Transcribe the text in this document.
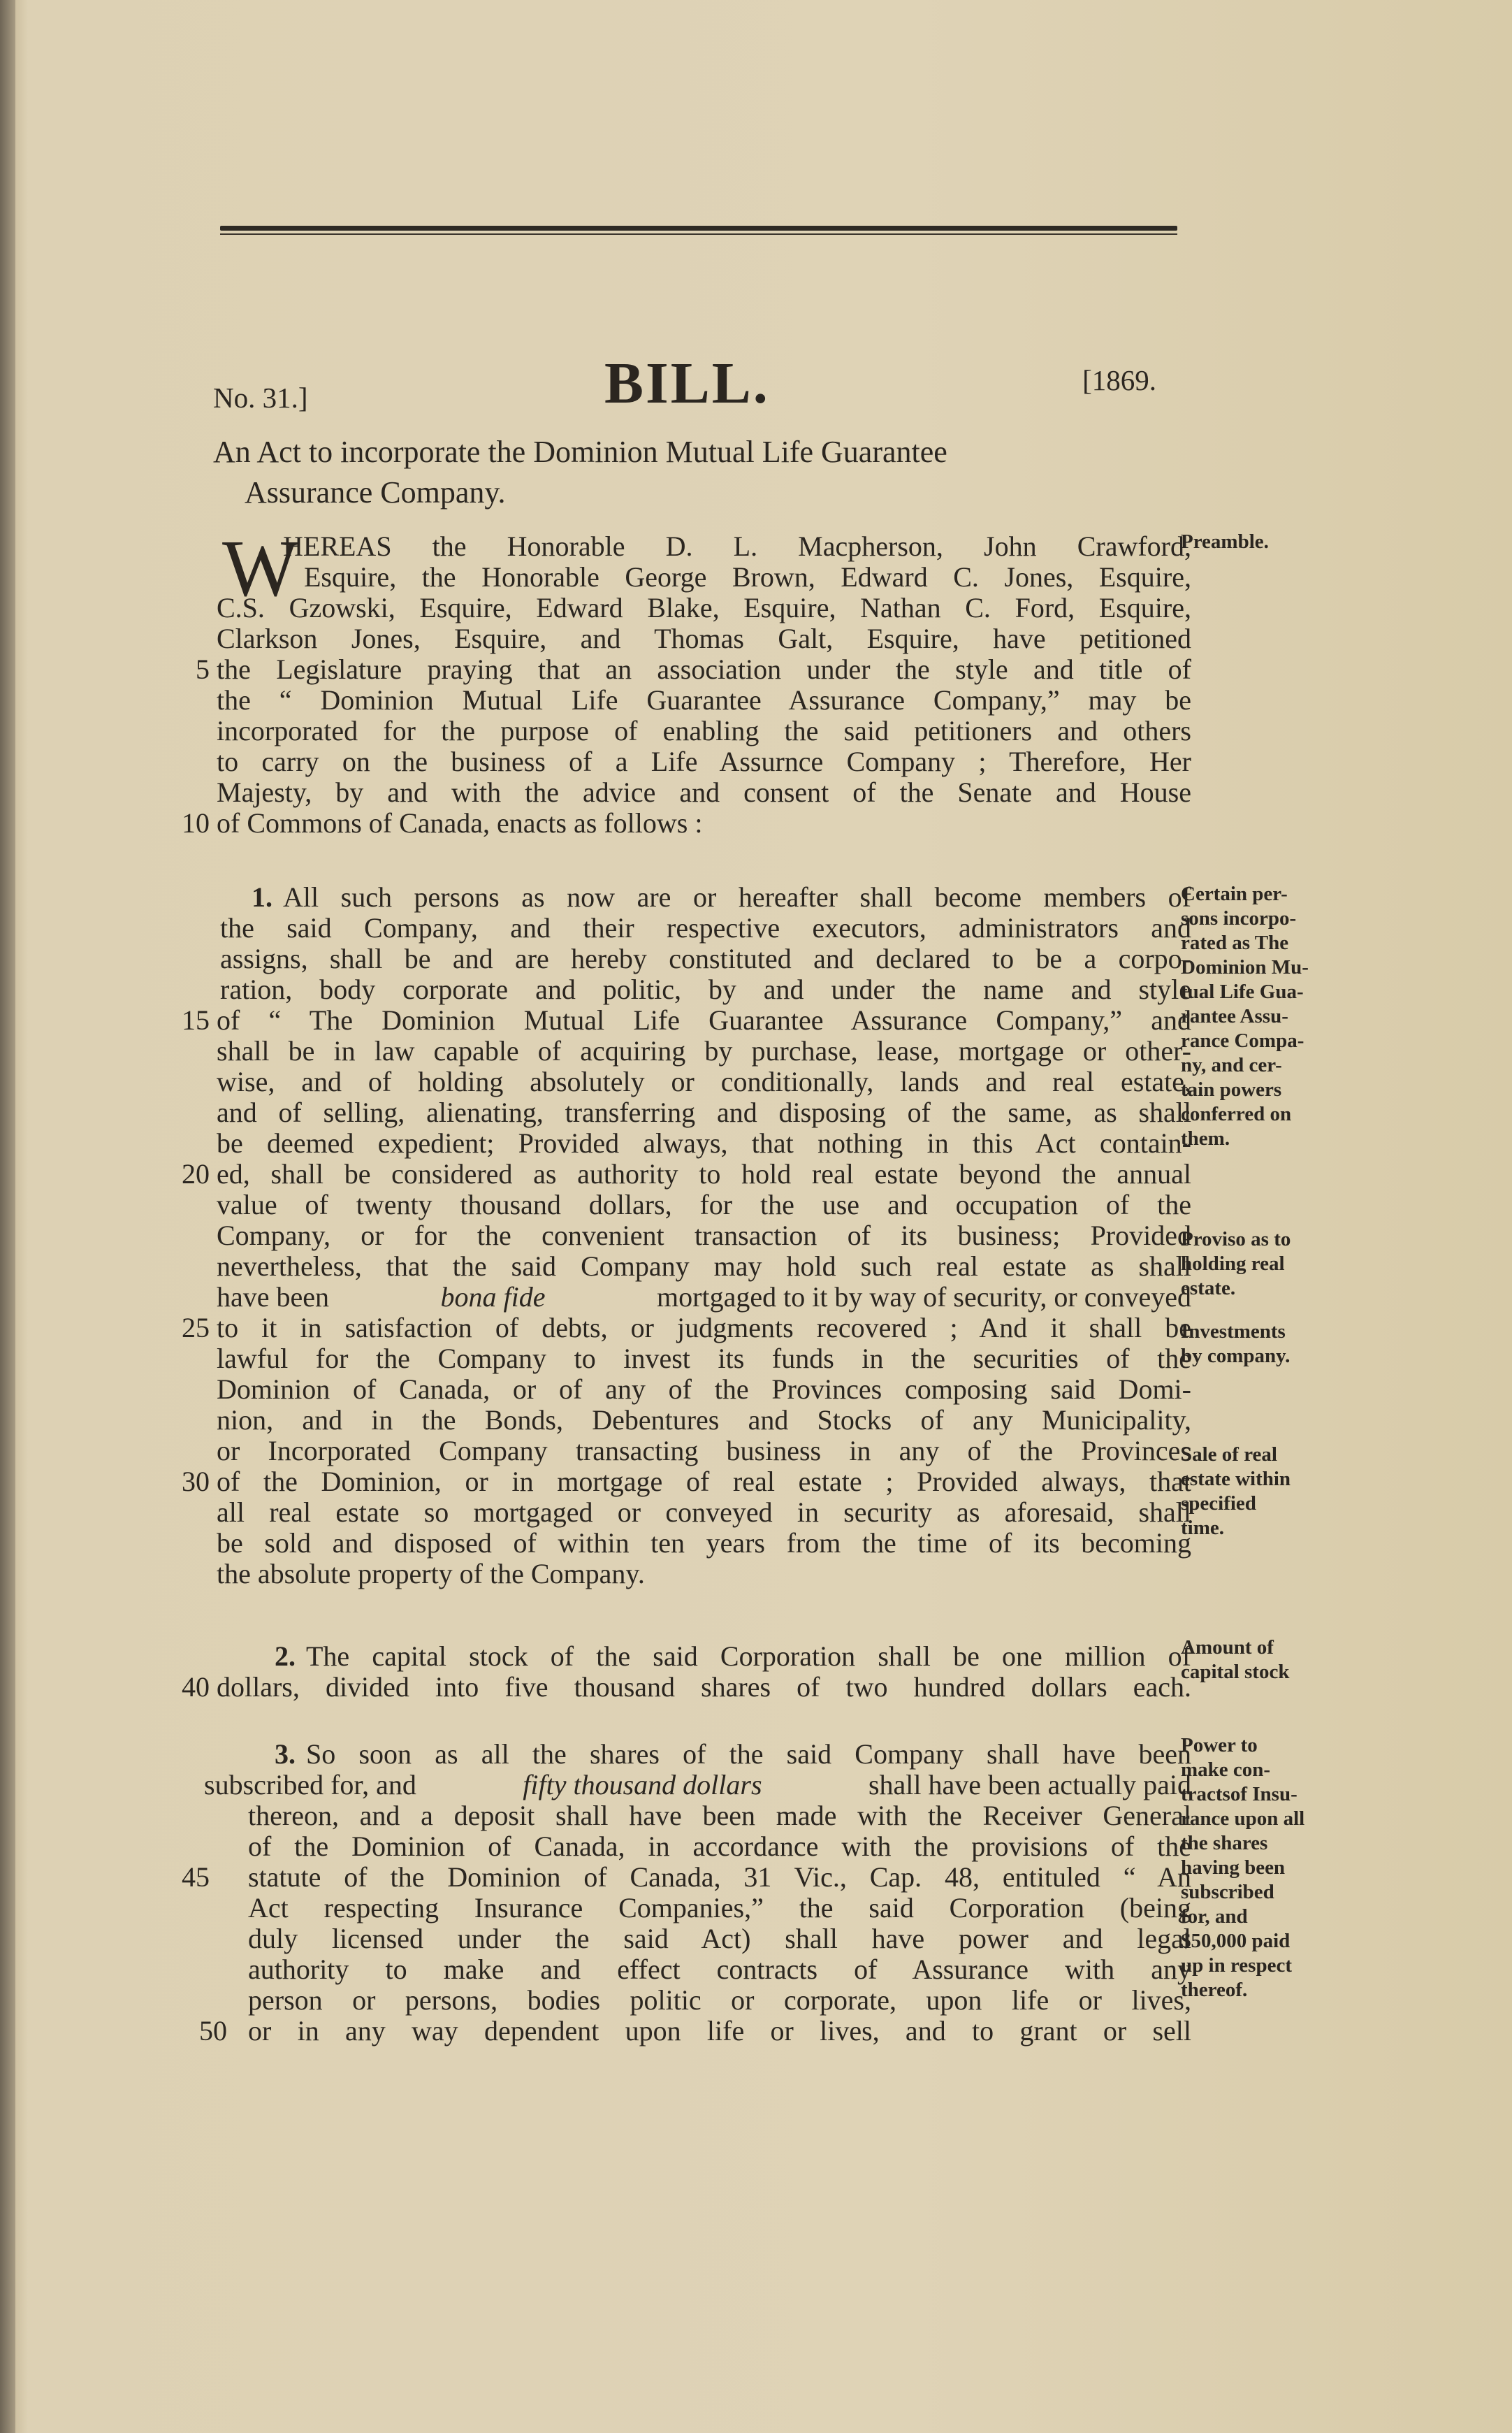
No. 31.]	BILL.	[1869.
An Act to incorporate the Dominion Mutual Life Guarantee
Assurance Company.
W
HEREAS the Honorable D. L. Macpherson, John Crawford,
Esquire, the Honorable George Brown, Edward C. Jones, Esquire,
C.S. Gzowski, Esquire, Edward Blake, Esquire, Nathan C. Ford, Esquire,
Clarkson Jones, Esquire, and Thomas Galt, Esquire, have petitioned
5 the Legislature praying that an association under the style and title of
the “ Dominion Mutual Life Guarantee Assurance Company,” may be
incorporated for the purpose of enabling the said petitioners and others
to carry on the business of a Life Assurnce Company ; Therefore, Her
Majesty, by and with the advice and consent of the Senate and House
10 of Commons of Canada, enacts as follows :
Preamble.
1. All such persons as now are or hereafter shall become members of
the said Company, and their respective executors, administrators and
assigns, shall be and are hereby constituted and declared to be a corpo-
ration, body corporate and politic, by and under the name and style
15 of “ The Dominion Mutual Life Guarantee Assurance Company,” and
shall be in law capable of acquiring by purchase, lease, mortgage or other-
wise, and of holding absolutely or conditionally, lands and real estate,
and of selling, alienating, transferring and disposing of the same, as shall
be deemed expedient; Provided always, that nothing in this Act contain-
20 ed, shall be considered as authority to hold real estate beyond the annual
value of twenty thousand dollars, for the use and occupation of the
Company, or for the convenient transaction of its business; Provided
nevertheless, that the said Company may hold such real estate as shall
have been	bona fide	mortgaged to it by way of security, or conveyed
25 to it in satisfaction of debts, or judgments recovered ; And it shall be
lawful for the Company to invest its funds in the securities of the
Dominion of Canada, or of any of the Provinces composing said Domi-
nion, and in the Bonds, Debentures and Stocks of any Municipality,
or Incorporated Company transacting business in any of the Provinces
30 of the Dominion, or in mortgage of real estate ; Provided always, that
all real estate so mortgaged or conveyed in security as aforesaid, shall
be sold and disposed of within ten years from the time of its becoming
the absolute property of the Company.
Certain per-
sons incorpo-
rated as The
Dominion Mu-
tual Life Gua-
rantee Assu-
rance Compa-
ny, and cer-
tain powers
conferred on
them.
Proviso as to
holding real
estate.
Investments
by company.
Sale of real
estate within
specified
time.
2. The capital stock of the said Corporation shall be one million of
40 dollars, divided into five thousand shares of two hundred dollars each.
Amount of
capital stock
3. So soon as all the shares of the said Company shall have been
subscribed for, and	fifty thousand dollars	shall have been actually paid
thereon, and a deposit shall have been made with the Receiver General
of the Dominion of Canada, in accordance with the provisions of the
45 statute of the Dominion of Canada, 31 Vic., Cap. 48, entituled “ An
Act respecting Insurance Companies,” the said Corporation (being
duly licensed under the said Act) shall have power and legal
authority to make and effect contracts of Assurance with any
person or persons, bodies politic or corporate, upon life or lives,
50 or in any way dependent upon life or lives, and to grant or sell
Power to
make con-
tractsof Insu-
rance upon all
the shares
having been
subscribed
for, and
$50,000 paid
up in respect
thereof.
